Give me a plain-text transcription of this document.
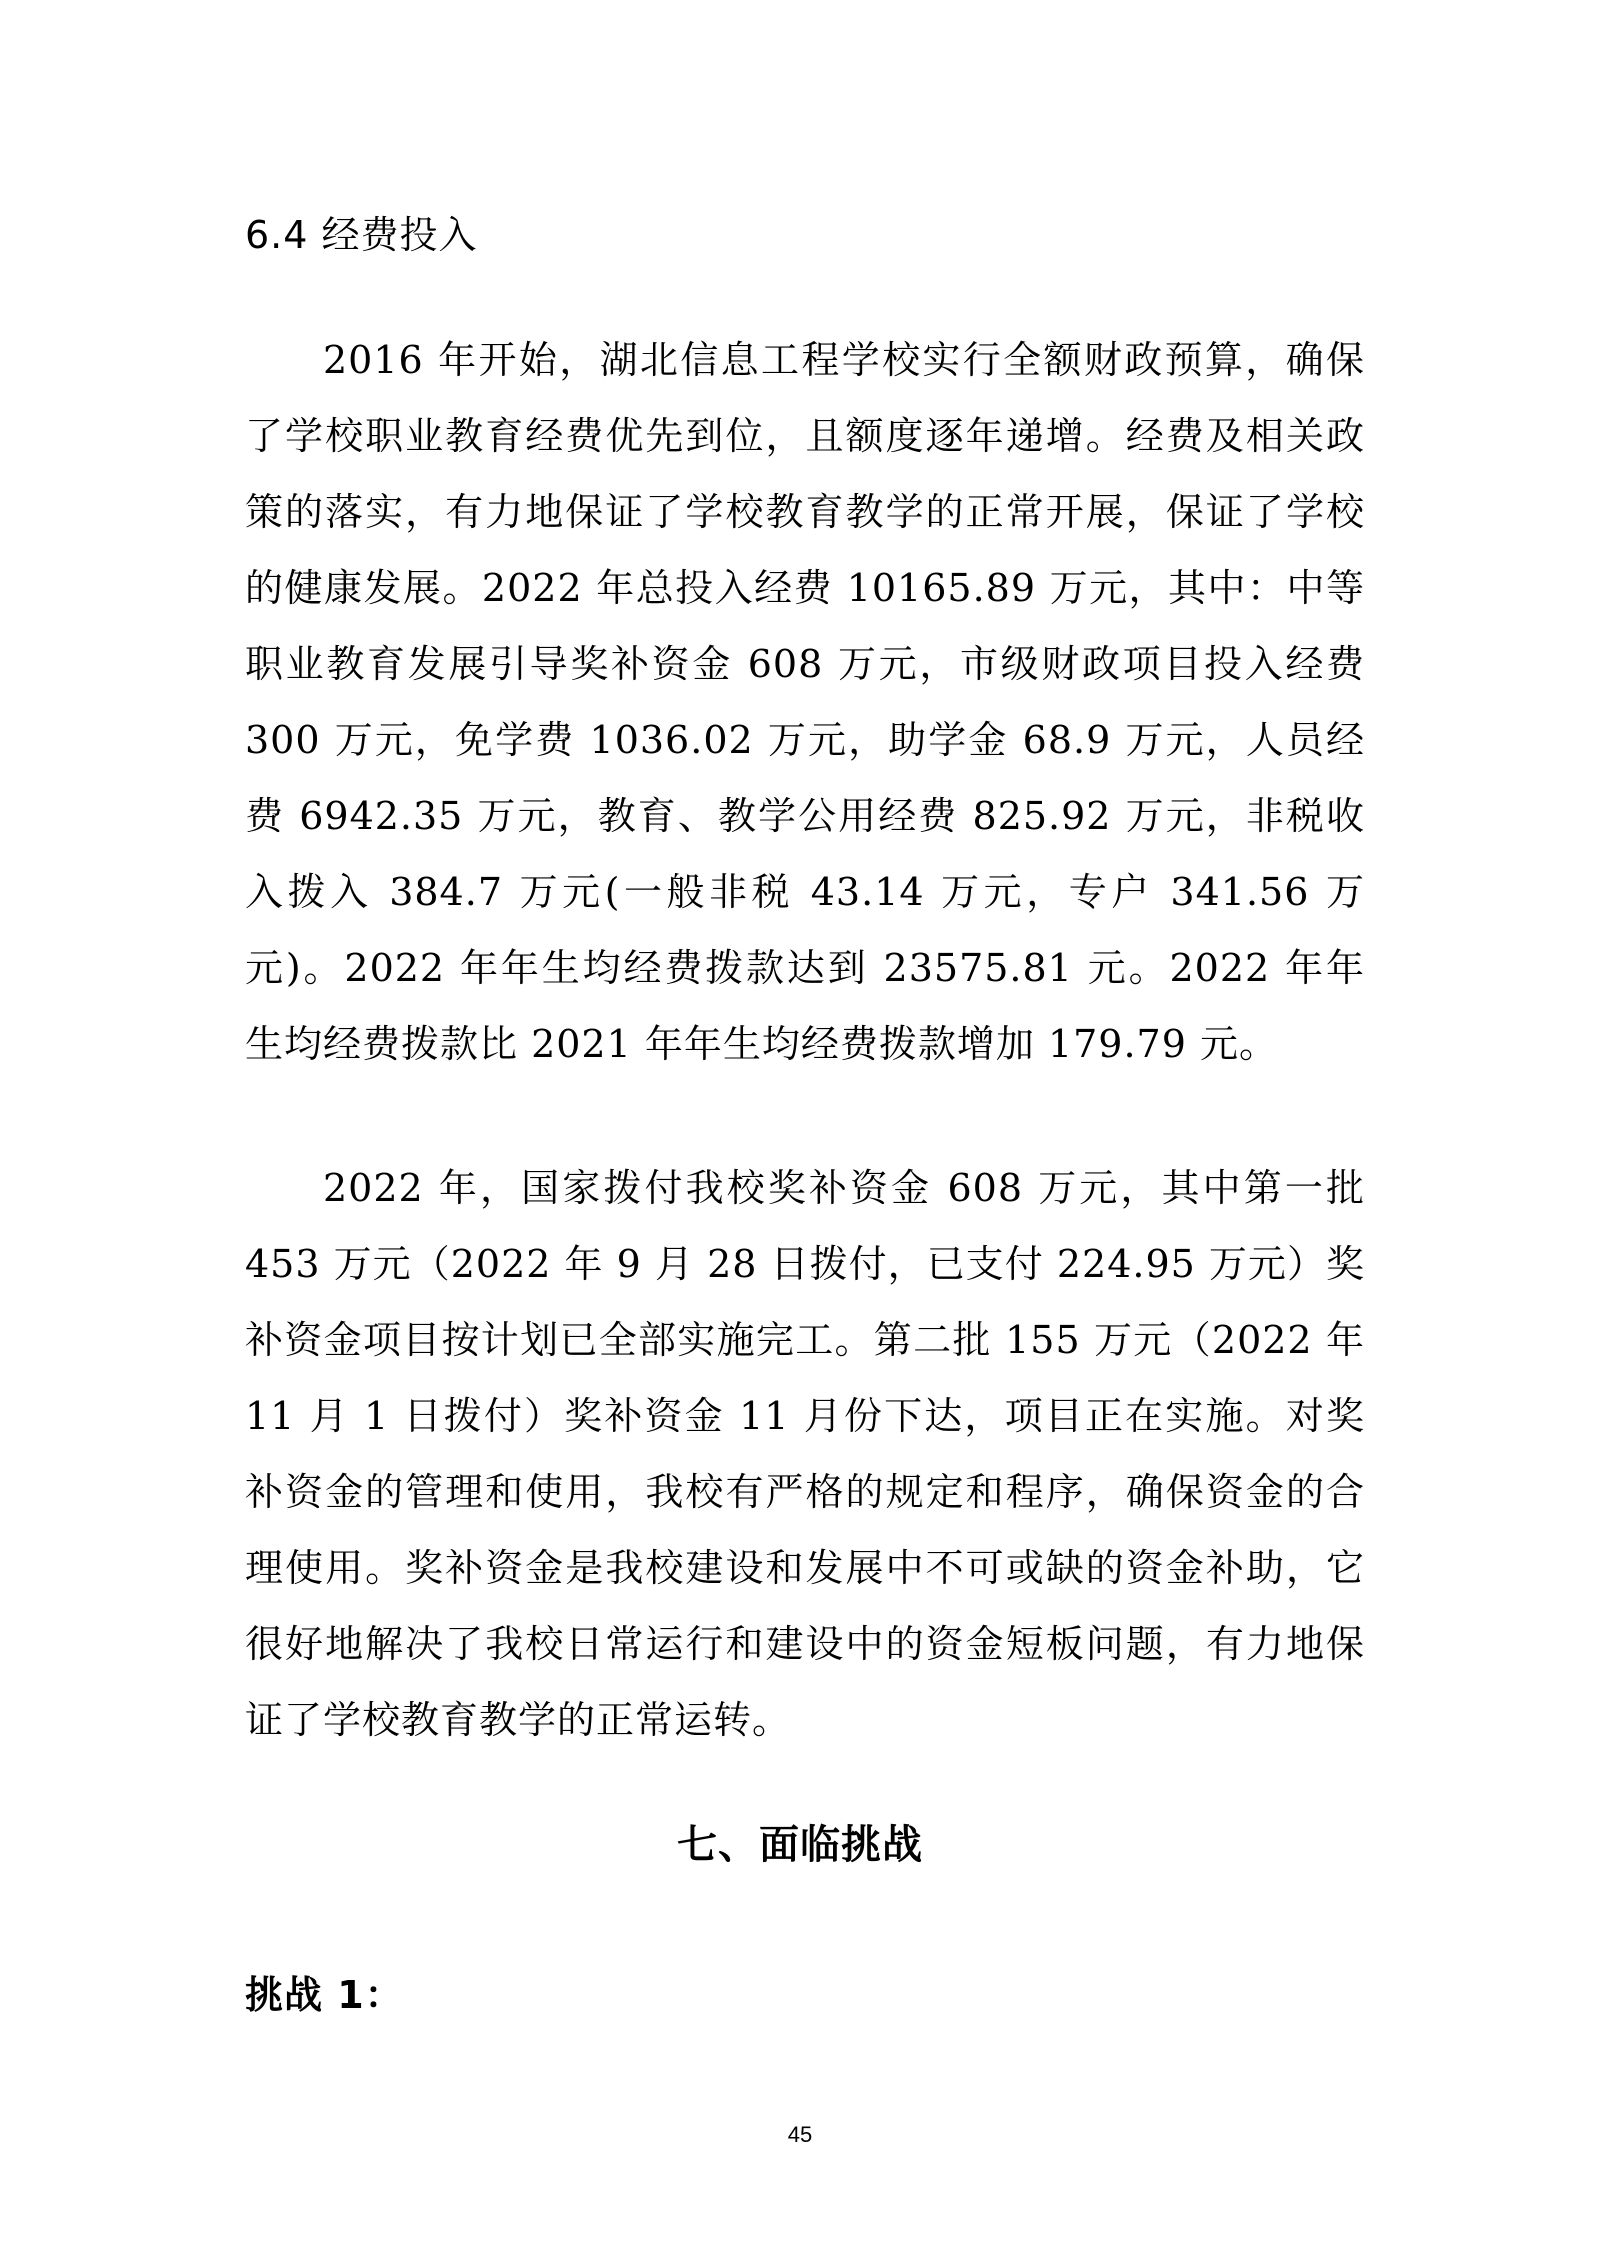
6.4 经费投入

2016 年开始，湖北信息工程学校实行全额财政预算，确保了学校职业教育经费优先到位，且额度逐年递增。经费及相关政策的落实，有力地保证了学校教育教学的正常开展，保证了学校的健康发展。2022 年总投入经费 10165.89 万元，其中：中等职业教育发展引导奖补资金 608 万元，市级财政项目投入经费 300 万元，免学费 1036.02 万元，助学金 68.9 万元，人员经费 6942.35 万元，教育、教学公用经费 825.92 万元，非税收入拨入 384.7 万元(一般非税 43.14 万元，专户 341.56 万元)。2022 年年生均经费拨款达到 23575.81 元。2022 年年生均经费拨款比 2021 年年生均经费拨款增加 179.79 元。

2022 年，国家拨付我校奖补资金 608 万元，其中第一批 453 万元（2022 年 9 月 28 日拨付，已支付 224.95 万元）奖补资金项目按计划已全部实施完工。第二批 155 万元（2022 年 11 月 1 日拨付）奖补资金 11 月份下达，项目正在实施。对奖补资金的管理和使用，我校有严格的规定和程序，确保资金的合理使用。奖补资金是我校建设和发展中不可或缺的资金补助，它很好地解决了我校日常运行和建设中的资金短板问题，有力地保证了学校教育教学的正常运转。

七、面临挑战
挑战 1：
45
